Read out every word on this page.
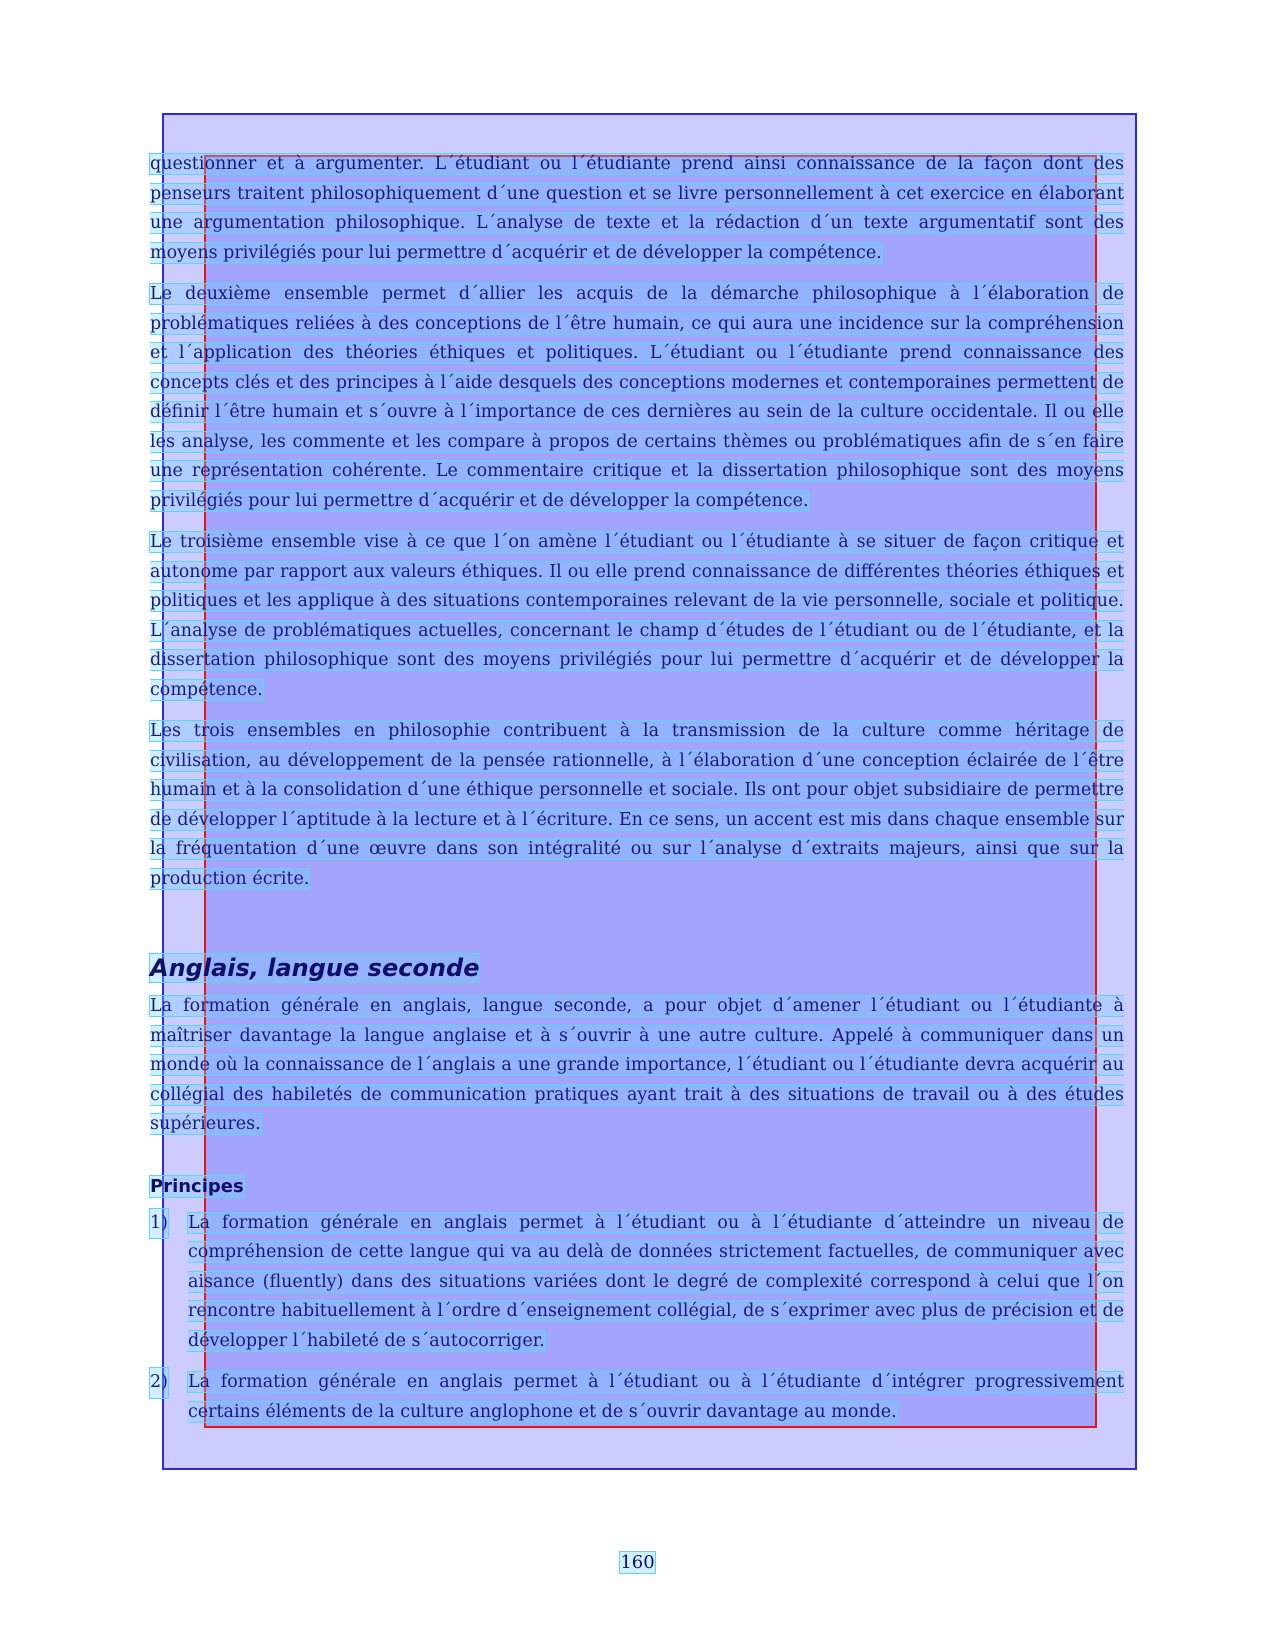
questionner et à argumenter. L´étudiant ou l´étudiante prend ainsi connaissance de la façon dont des penseurs traitent philosophiquement d´une question et se livre personnellement à cet exercice en élaborant une argumentation philosophique. L´analyse de texte et la rédaction d´un texte argumentatif sont des moyens privilégiés pour lui permettre d´acquérir et de développer la compétence.

Le deuxième ensemble permet d´allier les acquis de la démarche philosophique à l´élaboration de problématiques reliées à des conceptions de l´être humain, ce qui aura une incidence sur la compréhension et l´application des théories éthiques et politiques. L´étudiant ou l´étudiante prend connaissance des concepts clés et des principes à l´aide desquels des conceptions modernes et contemporaines permettent de définir l´être humain et s´ouvre à l´importance de ces dernières au sein de la culture occidentale. Il ou elle les analyse, les commente et les compare à propos de certains thèmes ou problématiques afin de s´en faire une représentation cohérente. Le commentaire critique et la dissertation philosophique sont des moyens privilégiés pour lui permettre d´acquérir et de développer la compétence.

Le troisième ensemble vise à ce que l´on amène l´étudiant ou l´étudiante à se situer de façon critique et autonome par rapport aux valeurs éthiques. Il ou elle prend connaissance de différentes théories éthiques et politiques et les applique à des situations contemporaines relevant de la vie personnelle, sociale et politique. L´analyse de problématiques actuelles, concernant le champ d´études de l´étudiant ou de l´étudiante, et la dissertation philosophique sont des moyens privilégiés pour lui permettre d´acquérir et de développer la compétence.

Les trois ensembles en philosophie contribuent à la transmission de la culture comme héritage de civilisation, au développement de la pensée rationnelle, à l´élaboration d´une conception éclairée de l´être humain et à la consolidation d´une éthique personnelle et sociale. Ils ont pour objet subsidiaire de permettre de développer l´aptitude à la lecture et à l´écriture. En ce sens, un accent est mis dans chaque ensemble sur la fréquentation d´une œuvre dans son intégralité ou sur l´analyse d´extraits majeurs, ainsi que sur la production écrite.

Anglais, langue seconde

La formation générale en anglais, langue seconde, a pour objet d´amener l´étudiant ou l´étudiante à maîtriser davantage la langue anglaise et à s´ouvrir à une autre culture. Appelé à communiquer dans un monde où la connaissance de l´anglais a une grande importance, l´étudiant ou l´étudiante devra acquérir au collégial des habiletés de communication pratiques ayant trait à des situations de travail ou à des études supérieures.

Principes
1) La formation générale en anglais permet à l´étudiant ou à l´étudiante d´atteindre un niveau de compréhension de cette langue qui va au delà de données strictement factuelles, de communiquer avec aisance (fluently) dans des situations variées dont le degré de complexité correspond à celui que l´on rencontre habituellement à l´ordre d´enseignement collégial, de s´exprimer avec plus de précision et de développer l´habileté de s´autocorriger.
2) La formation générale en anglais permet à l´étudiant ou à l´étudiante d´intégrer progressivement certains éléments de la culture anglophone et de s´ouvrir davantage au monde.
160
